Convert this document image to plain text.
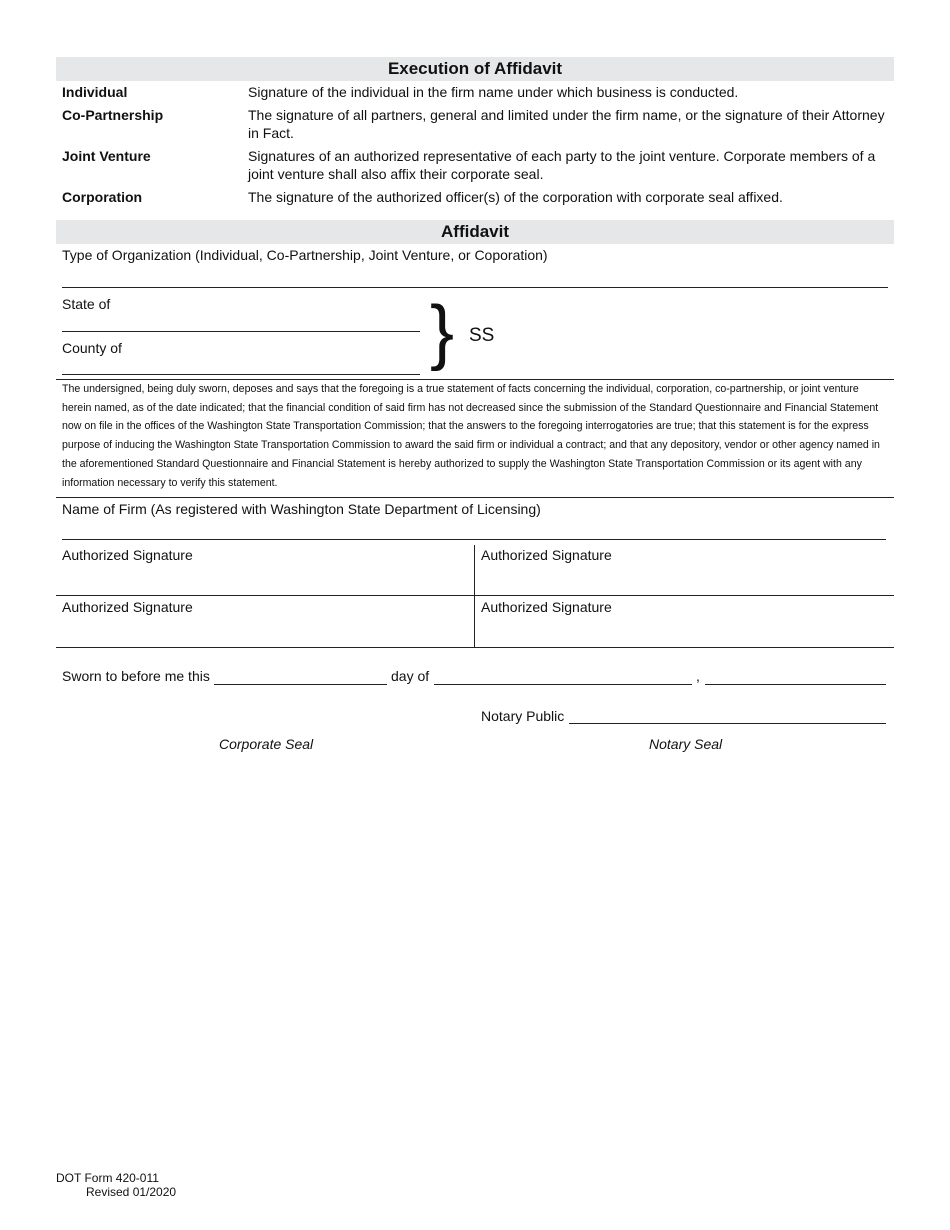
Execution of Affidavit
Individual	Signature of the individual in the firm name under which business is conducted.
Co-Partnership	The signature of all partners, general and limited under the firm name, or the signature of their Attorney in Fact.
Joint Venture	Signatures of an authorized representative of each party to the joint venture. Corporate members of a joint venture shall also affix their corporate seal.
Corporation	The signature of the authorized officer(s) of the corporation with corporate seal affixed.
Affidavit
Type of Organization (Individual, Co-Partnership, Joint Venture, or Coporation)
State of
County of	} SS
The undersigned, being duly sworn, deposes and says that the foregoing is a true statement of facts concerning the individual, corporation, co-partnership, or joint venture herein named, as of the date indicated; that the financial condition of said firm has not decreased since the submission of the Standard Questionnaire and Financial Statement now on file in the offices of the Washington State Transportation Commission; that the answers to the foregoing interrogatories are true; that this statement is for the express purpose of inducing the Washington State Transportation Commission to award the said firm or individual a contract; and that any depository, vendor or other agency named in the aforementioned Standard Questionnaire and Financial Statement is hereby authorized to supply the Washington State Transportation Commission or its agent with any information necessary to verify this statement.
Name of Firm (As registered with Washington State Department of Licensing)
Authorized Signature	Authorized Signature
Authorized Signature	Authorized Signature
Sworn to before me this	day of	,
Notary Public
Corporate Seal	Notary Seal
DOT Form 420-011
Revised 01/2020
